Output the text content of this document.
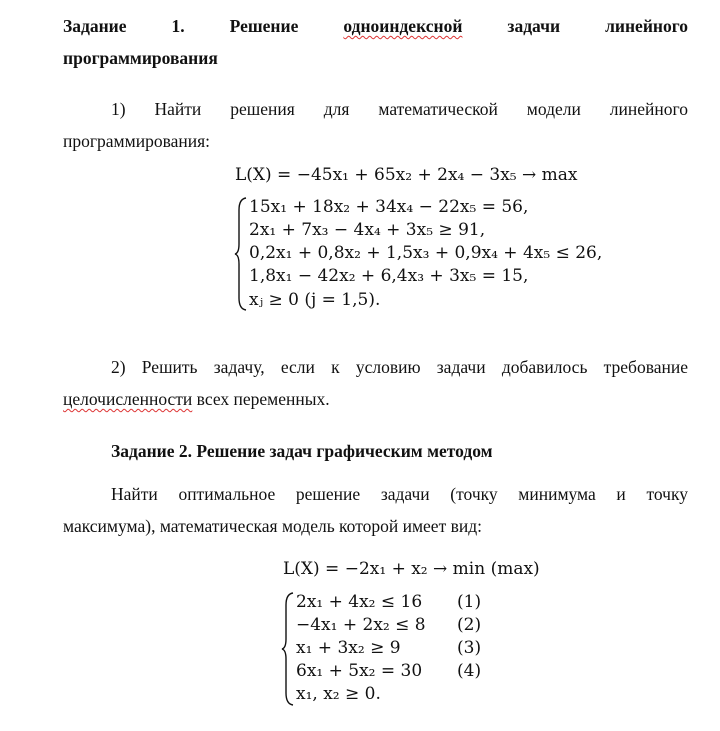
Задание	1.	Решение	одноиндексной	задачи	линейного
программирования
1) Найти решения для математической модели линейного
программирования:
L(X) = −45x₁ + 65x₂ + 2x₄ − 3x₅ → max
15x₁ + 18x₂ + 34x₄ − 22x₅ = 56,
2x₁ + 7x₃ − 4x₄ + 3x₅ ≥ 91,
0,2x₁ + 0,8x₂ + 1,5x₃ + 0,9x₄ + 4x₅ ≤ 26,
1,8x₁ − 42x₂ + 6,4x₃ + 3x₅ = 15,
xⱼ ≥ 0 (j = 1,5).
2) Решить задачу, если к условию задачи добавилось требование
целочисленности всех переменных.
Задание 2. Решение задач графическим методом
Найти оптимальное решение задачи (точку минимума и точку
максимума), математическая модель которой имеет вид:
L(X) = −2x₁ + x₂ → min (max)
2x₁ + 4x₂ ≤ 16
−4x₁ + 2x₂ ≤ 8
x₁ + 3x₂ ≥ 9
6x₁ + 5x₂ = 30
x₁, x₂ ≥ 0.
(1)
(2)
(3)
(4)
